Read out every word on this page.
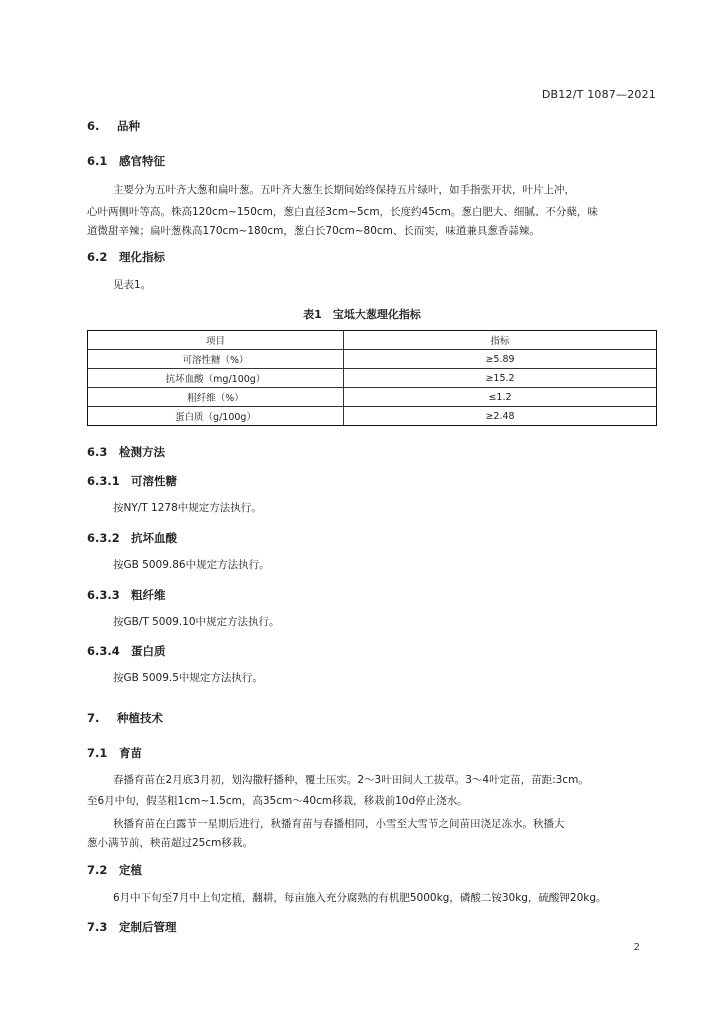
DB12/T 1087—2021
6. 品种
6.1 感官特征
主要分为五叶齐大葱和扁叶葱。五叶齐大葱生长期间始终保持五片绿叶，如手指张开状，叶片上冲，
心叶两侧叶等高。株高120cm~150cm，葱白直径3cm~5cm，长度约45cm。葱白肥大、细腻、不分蘖，味
道微甜辛辣；扁叶葱株高170cm~180cm，葱白长70cm~80cm、长而实，味道兼具葱香蒜辣。
6.2 理化指标
见表1。
表1　宝坻大葱理化指标
项目	指标
可溶性糖（%）	≥5.89
抗坏血酸（mg/100g）	≥15.2
粗纤维（%）	≤1.2
蛋白质（g/100g）	≥2.48
6.3 检测方法
6.3.1 可溶性糖
按NY/T 1278中规定方法执行。
6.3.2 抗坏血酸
按GB 5009.86中规定方法执行。
6.3.3 粗纤维
按GB/T 5009.10中规定方法执行。
6.3.4 蛋白质
按GB 5009.5中规定方法执行。
7. 种植技术
7.1 育苗
春播育苗在2月底3月初，划沟撒籽播种，覆土压实。2～3叶田间人工拔草。3～4叶定苗，苗距:3cm。
至6月中旬，假茎粗1cm~1.5cm，高35cm～40cm移栽，移栽前10d停止浇水。
秋播育苗在白露节一星期后进行，秋播育苗与春播相同，小雪至大雪节之间苗田浇足冻水。秋播大
葱小满节前，秧苗超过25cm移栽。
7.2 定植
6月中下旬至7月中上旬定植，翻耕，每亩施入充分腐熟的有机肥5000kg，磷酸二铵30kg，硫酸钾20kg。
7.3 定制后管理
2
